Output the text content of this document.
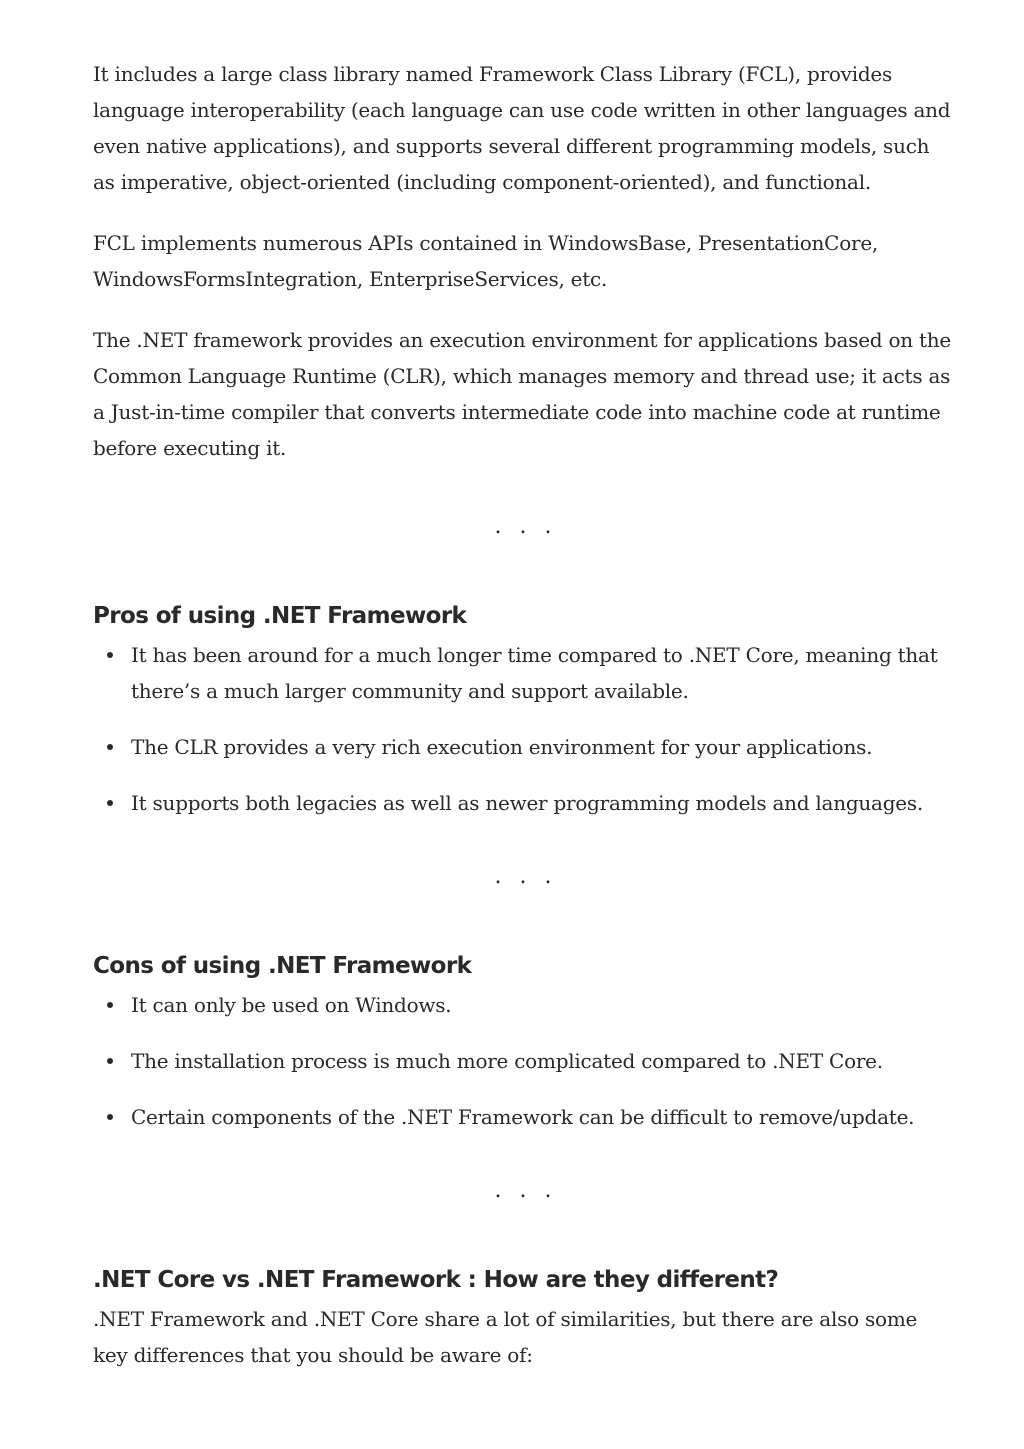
It includes a large class library named Framework Class Library (FCL), provides language interoperability (each language can use code written in other languages and even native applications), and supports several different programming models, such as imperative, object-oriented (including component-oriented), and functional.

FCL implements numerous APIs contained in WindowsBase, PresentationCore, WindowsFormsIntegration, EnterpriseServices, etc.

The .NET framework provides an execution environment for applications based on the Common Language Runtime (CLR), which manages memory and thread use; it acts as a Just-in-time compiler that converts intermediate code into machine code at runtime before executing it.

...
Pros of using .NET Framework
It has been around for a much longer time compared to .NET Core, meaning that there’s a much larger community and support available.
The CLR provides a very rich execution environment for your applications.
It supports both legacies as well as newer programming models and languages.
...
Cons of using .NET Framework
It can only be used on Windows.
The installation process is much more complicated compared to .NET Core.
Certain components of the .NET Framework can be difficult to remove/update.
...
.NET Core vs .NET Framework : How are they different?

.NET Framework and .NET Core share a lot of similarities, but there are also some key differences that you should be aware of:
